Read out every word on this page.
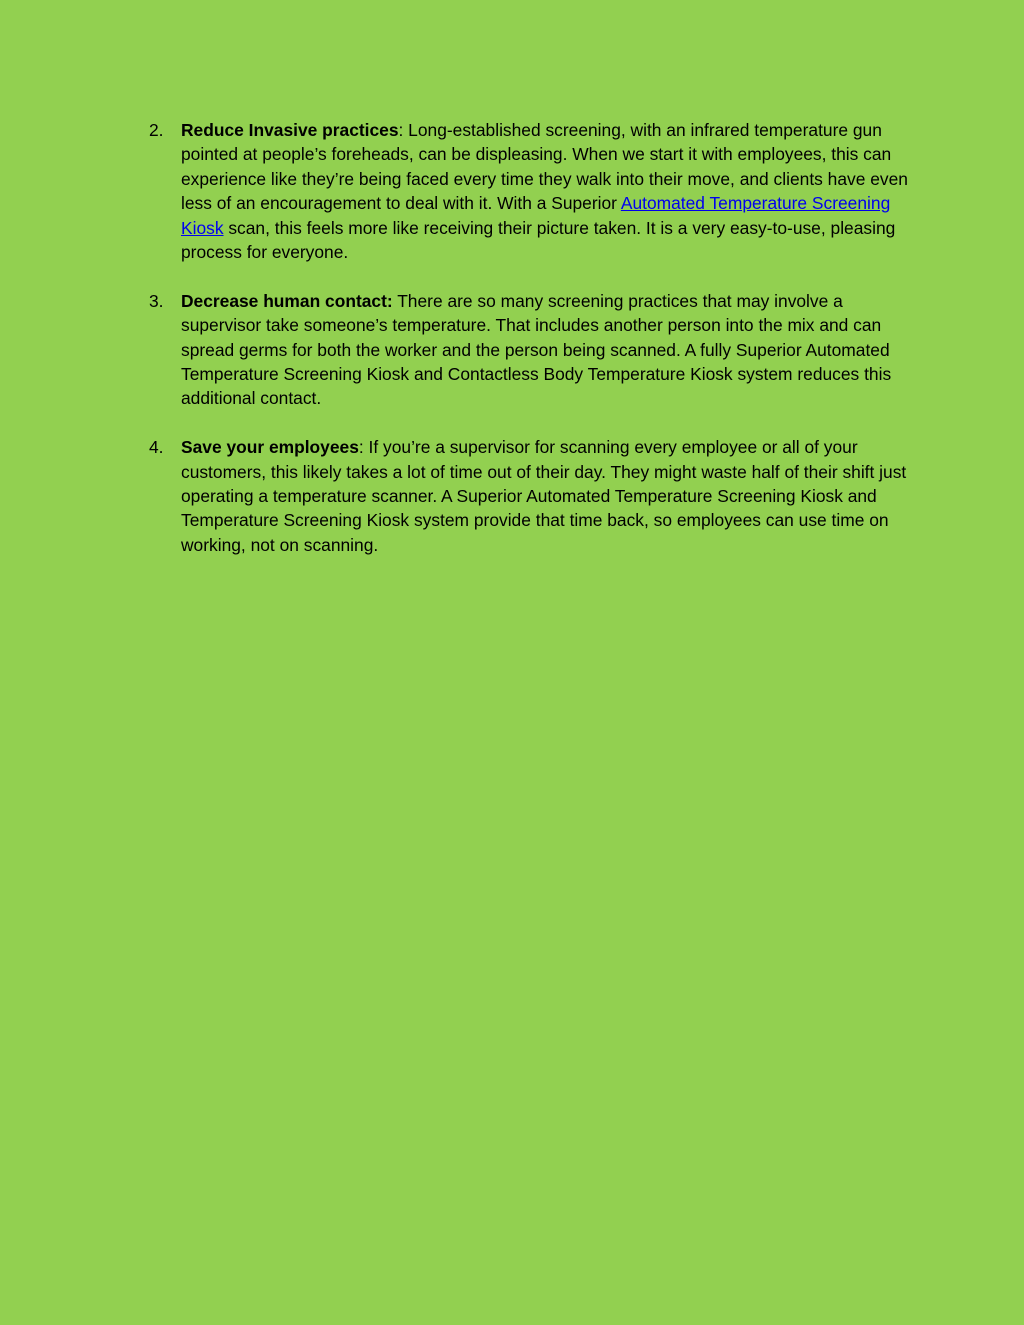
2.	Reduce Invasive practices: Long-established screening, with an infrared temperature gun pointed at people’s foreheads, can be displeasing. When we start it with employees, this can experience like they’re being faced every time they walk into their move, and clients have even less of an encouragement to deal with it. With a Superior Automated Temperature Screening Kiosk scan, this feels more like receiving their picture taken. It is a very easy-to-use, pleasing process for everyone.

3.	Decrease human contact: There are so many screening practices that may involve a supervisor take someone’s temperature. That includes another person into the mix and can spread germs for both the worker and the person being scanned. A fully Superior Automated Temperature Screening Kiosk and Contactless Body Temperature Kiosk system reduces this additional contact.

4.	Save your employees: If you’re a supervisor for scanning every employee or all of your customers, this likely takes a lot of time out of their day. They might waste half of their shift just operating a temperature scanner. A Superior Automated Temperature Screening Kiosk and Temperature Screening Kiosk system provide that time back, so employees can use time on working, not on scanning.
